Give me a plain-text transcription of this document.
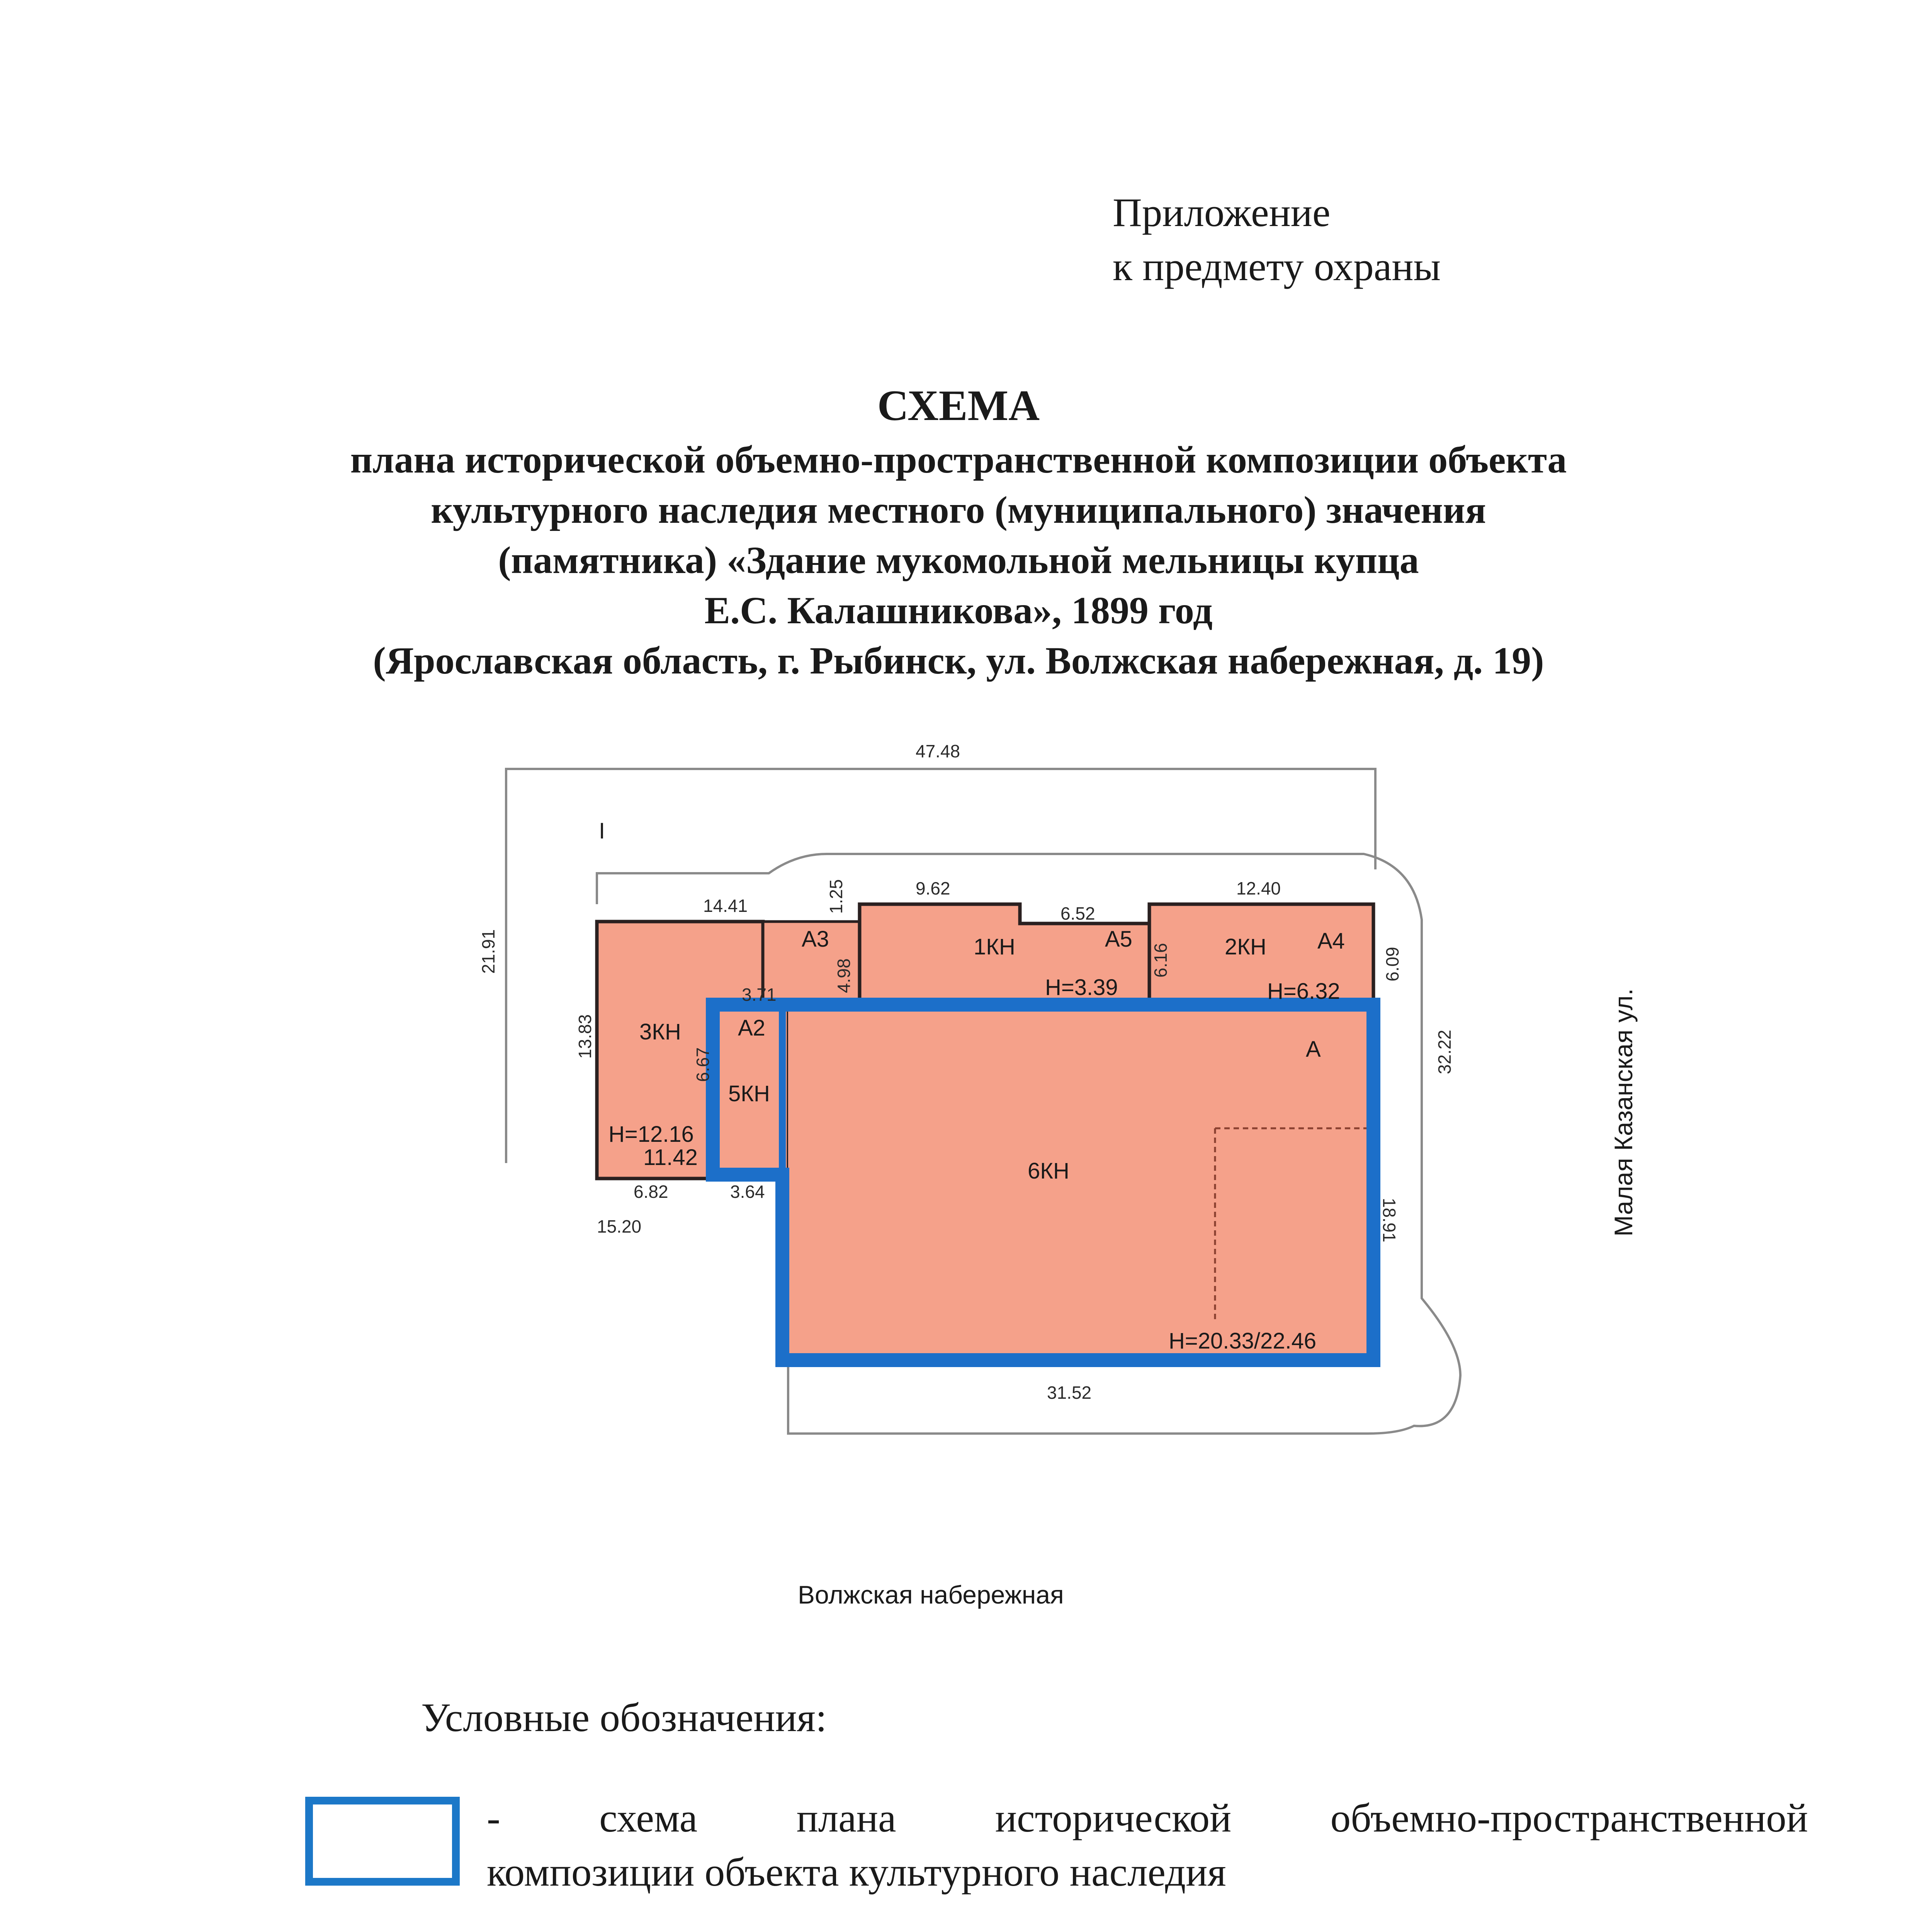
Приложение
к предмету охраны
СХЕМА
плана исторической объемно-пространственной композиции объекта
культурного наследия местного (муниципального) значения
(памятника) «Здание мукомольной мельницы купца
Е.С. Калашникова», 1899 год
(Ярославская область, г. Рыбинск, ул. Волжская набережная, д. 19)
47.48
21.91
14.41
9.62
1.25	6.52
12.40
4.98	6.16	6.09
32.22
3.71
13.83
6.67
18.91
6.82	3.64
15.20
31.52
I
A3	A5	A4
A2
A
1КН	2КН
3КН
5КН
6КН
H=3.39	H=6.32
H=12.16
11.42
H=20.33/22.46
Малая Казанская ул.
Волжская набережная
Условные обозначения:
- схема плана исторической объемно-пространственной
композиции объекта культурного наследия
